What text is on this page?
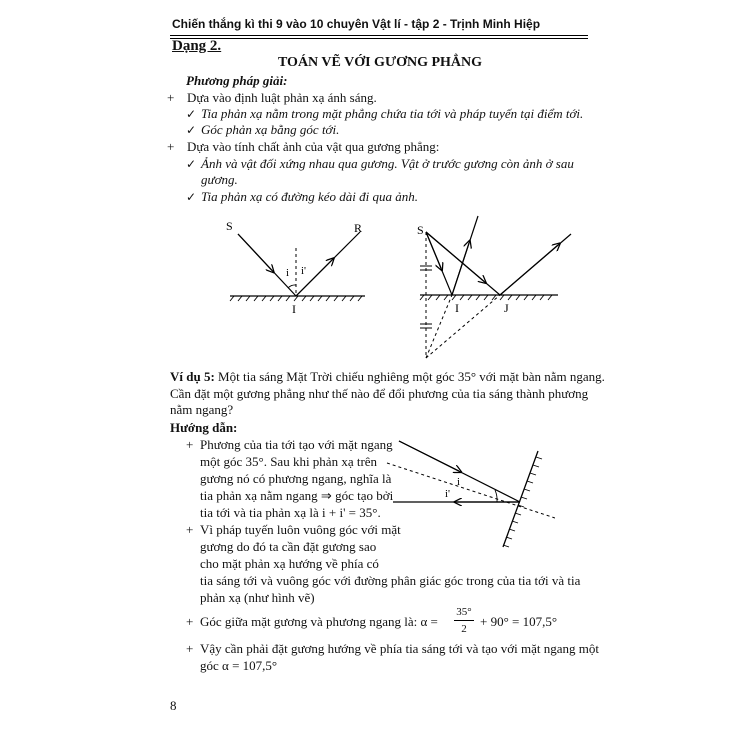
Chiến thắng kì thi 9 vào 10 chuyên Vật lí - tập 2 - Trịnh Minh Hiệp
Dạng 2.
TOÁN VẼ VỚI GƯƠNG PHẲNG
Phương pháp giải:
+ Dựa vào định luật phản xạ ánh sáng.
✓ Tia phản xạ nằm trong mặt phẳng chứa tia tới và pháp tuyến tại điểm tới.
✓ Góc phản xạ bằng góc tới.
+ Dựa vào tính chất ảnh của vật qua gương phẳng:
✓ Ảnh và vật đối xứng nhau qua gương. Vật ở trước gương còn ảnh ở sau
gương.
✓ Tia phản xạ có đường kéo dài đi qua ảnh.
S	R
I
i i'
S
I	J
Ví dụ 5: Một tia sáng Mặt Trời chiếu nghiêng một góc 35° với mặt bàn nằm ngang.
Cần đặt một gương phẳng như thế nào để đổi phương của tia sáng thành phương
nằm ngang?
Hướng dẫn:
+ Phương của tia tới tạo với mặt ngang
một góc 35°. Sau khi phản xạ trên
gương nó có phương ngang, nghĩa là
tia phản xạ nằm ngang ⇒ góc tạo bởi
tia tới và tia phản xạ là i + i' = 35°.
+ Vì pháp tuyến luôn vuông góc với mặt
gương do đó ta cần đặt gương sao
cho mặt phản xạ hướng về phía có
tia sáng tới và vuông góc với đường phân giác góc trong của tia tới và tia
phản xạ (như hình vẽ)
+ Góc giữa mặt gương và phương ngang là: α =
35°
2	+ 90° = 107,5°
+ Vậy cần phải đặt gương hướng về phía tia sáng tới và tạo với mặt ngang một
góc α = 107,5°
i
i'
8
